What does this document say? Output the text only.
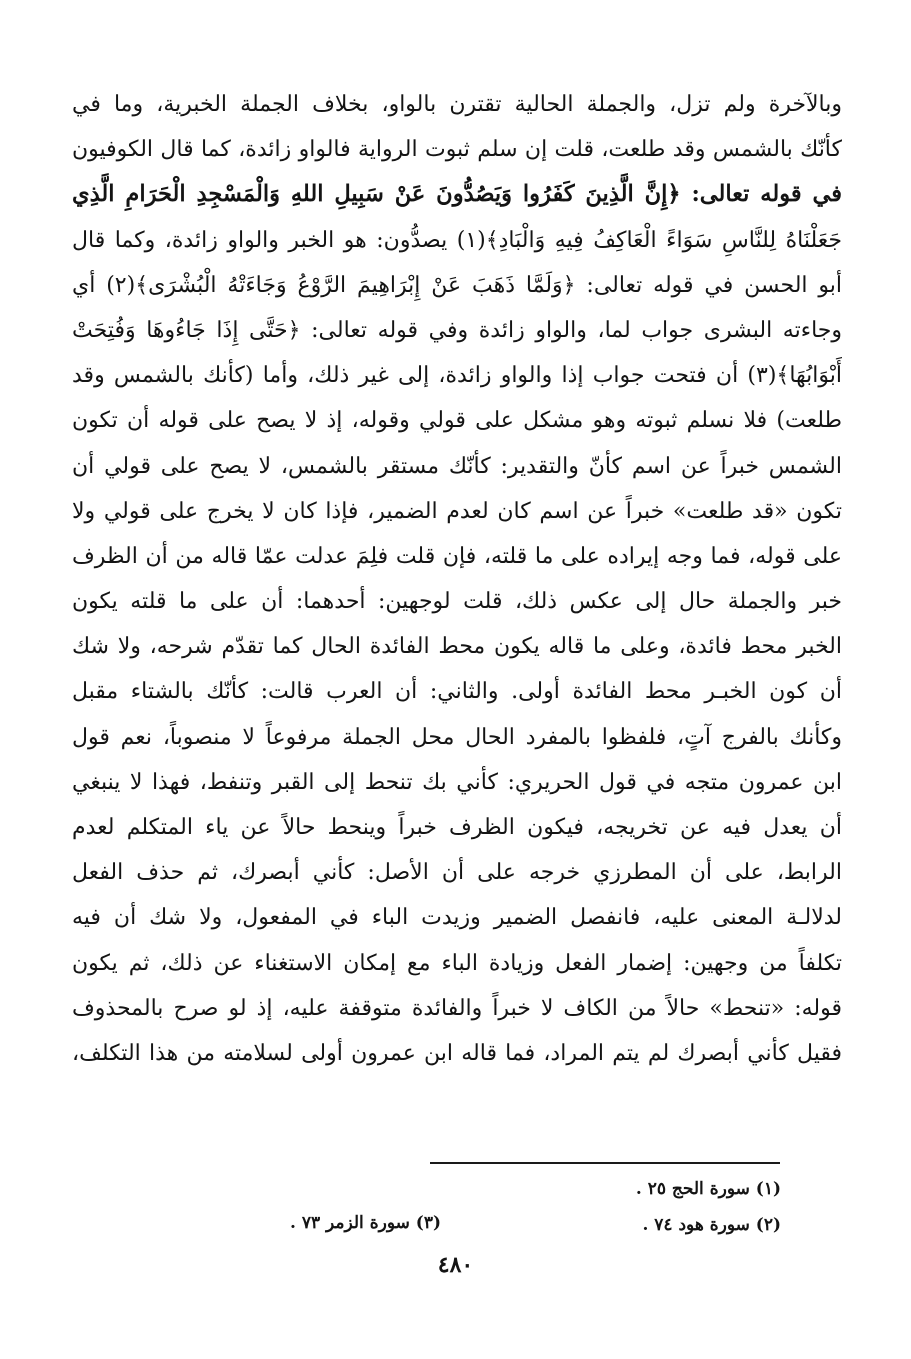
وبالآخرة ولم تزل، والجملة الحالية تقترن بالواو، بخلاف الجملة الخبرية، وما في
كأنّك بالشمس وقد طلعت، قلت إن سلم ثبوت الرواية فالواو زائدة، كما قال الكوفيون
في قوله تعالى: ﴿إِنَّ الَّذِينَ كَفَرُوا وَيَصُدُّونَ عَنْ سَبِيلِ اللهِ وَالْمَسْجِدِ الْحَرَامِ الَّذِي
جَعَلْنَاهُ لِلنَّاسِ سَوَاءً الْعَاكِفُ فِيهِ وَالْبَادِ﴾(١) يصدُّون: هو الخبر والواو زائدة، وكما قال
أبو الحسن في قوله تعالى: ﴿وَلَمَّا ذَهَبَ عَنْ إِبْرَاهِيمَ الرَّوْعُ وَجَاءَتْهُ الْبُشْرَى﴾(٢) أي
وجاءته البشرى جواب لما، والواو زائدة وفي قوله تعالى: ﴿حَتَّى إِذَا جَاءُوهَا وَفُتِحَتْ
أَبْوَابُهَا﴾(٣) أن فتحت جواب إذا والواو زائدة، إلى غير ذلك، وأما (كأنك بالشمس وقد
طلعت) فلا نسلم ثبوته وهو مشكل على قولي وقوله، إذ لا يصح على قوله أن تكون
الشمس خبراً عن اسم كأنّ والتقدير: كأنّك مستقر بالشمس، لا يصح على قولي أن
تكون «قد طلعت» خبراً عن اسم كان لعدم الضمير، فإذا كان لا يخرج على قولي ولا
على قوله، فما وجه إيراده على ما قلته، فإن قلت فلِمَ عدلت عمّا قاله من أن الظرف
خبر والجملة حال إلى عكس ذلك، قلت لوجهين: أحدهما: أن على ما قلته يكون
الخبر محط فائدة، وعلى ما قاله يكون محط الفائدة الحال كما تقدّم شرحه، ولا شك
أن كون الخبـر محط الفائدة أولى. والثاني: أن العرب قالت: كأنّك بالشتاء مقبل
وكأنك بالفرج آتٍ، فلفظوا بالمفرد الحال محل الجملة مرفوعاً لا منصوباً، نعم قول
ابن عمرون متجه في قول الحريري: كأني بك تنحط إلى القبر وتنفط، فهذا لا ينبغي
أن يعدل فيه عن تخريجه، فيكون الظرف خبراً وينحط حالاً عن ياء المتكلم لعدم
الرابط، على أن المطرزي خرجه على أن الأصل: كأني أبصرك، ثم حذف الفعل
لدلالـة المعنى عليه، فانفصل الضمير وزيدت الباء في المفعول، ولا شك أن فيه
تكلفاً من وجهين: إضمار الفعل وزيادة الباء مع إمكان الاستغناء عن ذلك، ثم يكون
قوله: «تنحط» حالاً من الكاف لا خبراً والفائدة متوقفة عليه، إذ لو صرح بالمحذوف
فقيل كأني أبصرك لم يتم المراد، فما قاله ابن عمرون أولى لسلامته من هذا التكلف،
(١) سورة الحج ٢٥ .
(٢) سورة هود ٧٤ .
(٣) سورة الزمر ٧٣ .
٤٨٠
